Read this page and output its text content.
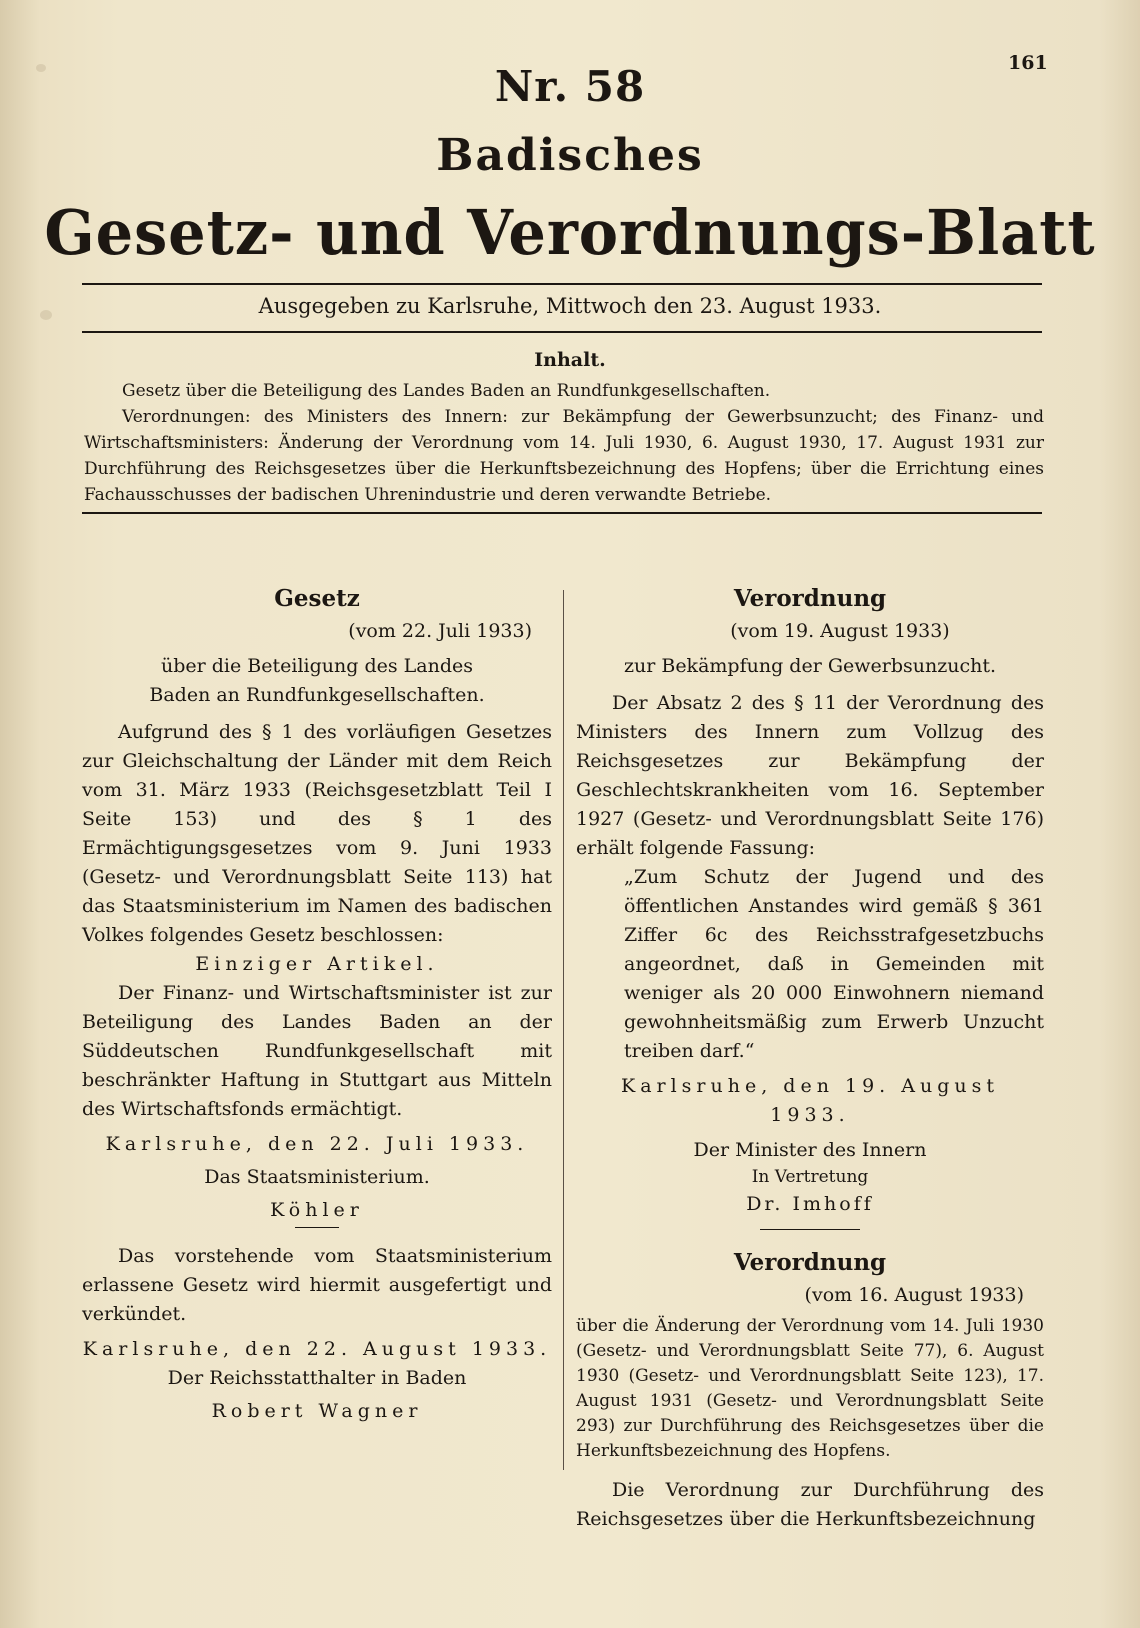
161
Nr. 58
Badisches
Gesetz- und Verordnungs-Blatt
Ausgegeben zu Karlsruhe, Mittwoch den 23. August 1933.
Inhalt.
Gesetz über die Beteiligung des Landes Baden an Rundfunkgesellschaften.
Verordnungen: des Ministers des Innern: zur Bekämpfung der Gewerbsunzucht; des Finanz- und Wirtschaftsministers: Änderung der Verordnung vom 14. Juli 1930, 6. August 1930, 17. August 1931 zur Durchführung des Reichsgesetzes über die Herkunftsbezeichnung des Hopfens; über die Errichtung eines Fachausschusses der badischen Uhrenindustrie und deren verwandte Betriebe.
Gesetz
(vom 22. Juli 1933)
über die Beteiligung des Landes Baden an Rundfunkgesellschaften.
Aufgrund des § 1 des vorläufigen Gesetzes zur Gleichschaltung der Länder mit dem Reich vom 31. März 1933 (Reichsgesetzblatt Teil I Seite 153) und des § 1 des Ermächtigungsgesetzes vom 9. Juni 1933 (Gesetz- und Verordnungsblatt Seite 113) hat das Staatsministerium im Namen des badischen Volkes folgendes Gesetz beschlossen:
Einziger Artikel.
Der Finanz- und Wirtschaftsminister ist zur Beteiligung des Landes Baden an der Süddeutschen Rundfunkgesellschaft mit beschränkter Haftung in Stuttgart aus Mitteln des Wirtschaftsfonds ermächtigt.
Karlsruhe, den 22. Juli 1933.
Das Staatsministerium.
Köhler
Das vorstehende vom Staatsministerium erlassene Gesetz wird hiermit ausgefertigt und verkündet.
Karlsruhe, den 22. August 1933.
Der Reichsstatthalter in Baden
Robert Wagner
Verordnung
(vom 19. August 1933)
zur Bekämpfung der Gewerbsunzucht.
Der Absatz 2 des § 11 der Verordnung des Ministers des Innern zum Vollzug des Reichsgesetzes zur Bekämpfung der Geschlechtskrankheiten vom 16. September 1927 (Gesetz- und Verordnungsblatt Seite 176) erhält folgende Fassung:
„Zum Schutz der Jugend und des öffentlichen Anstandes wird gemäß § 361 Ziffer 6c des Reichsstrafgesetzbuchs angeordnet, daß in Gemeinden mit weniger als 20 000 Einwohnern niemand gewohnheitsmäßig zum Erwerb Unzucht treiben darf.“
Karlsruhe, den 19. August 1933.
Der Minister des Innern
In Vertretung
Dr. Imhoff
Verordnung
(vom 16. August 1933)
über die Änderung der Verordnung vom 14. Juli 1930 (Gesetz- und Verordnungsblatt Seite 77), 6. August 1930 (Gesetz- und Verordnungsblatt Seite 123), 17. August 1931 (Gesetz- und Verordnungsblatt Seite 293) zur Durchführung des Reichsgesetzes über die Herkunftsbezeichnung des Hopfens.
Die Verordnung zur Durchführung des Reichsgesetzes über die Herkunftsbezeichnung
